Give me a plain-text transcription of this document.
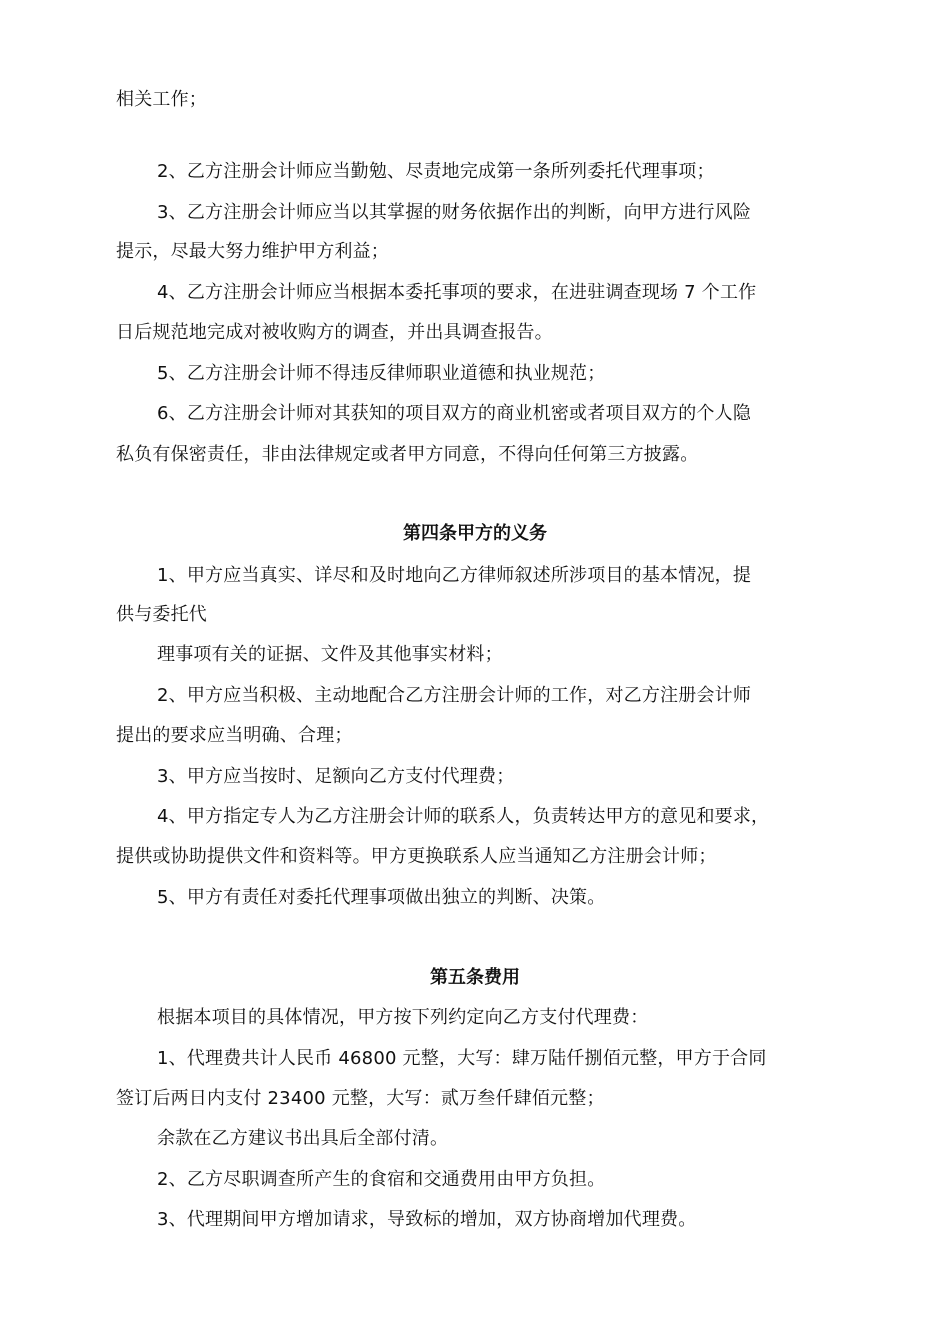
相关工作；
2、乙方注册会计师应当勤勉、尽责地完成第一条所列委托代理事项；
3、乙方注册会计师应当以其掌握的财务依据作出的判断，向甲方进行风险
提示，尽最大努力维护甲方利益；
4、乙方注册会计师应当根据本委托事项的要求，在进驻调查现场 7 个工作
日后规范地完成对被收购方的调查，并出具调查报告。
5、乙方注册会计师不得违反律师职业道德和执业规范；
6、乙方注册会计师对其获知的项目双方的商业机密或者项目双方的个人隐
私负有保密责任，非由法律规定或者甲方同意，不得向任何第三方披露。
第四条甲方的义务
1、甲方应当真实、详尽和及时地向乙方律师叙述所涉项目的基本情况，提
供与委托代
理事项有关的证据、文件及其他事实材料；
2、甲方应当积极、主动地配合乙方注册会计师的工作，对乙方注册会计师
提出的要求应当明确、合理；
3、甲方应当按时、足额向乙方支付代理费；
4、甲方指定专人为乙方注册会计师的联系人，负责转达甲方的意见和要求，
提供或协助提供文件和资料等。甲方更换联系人应当通知乙方注册会计师；
5、甲方有责任对委托代理事项做出独立的判断、决策。
第五条费用
根据本项目的具体情况，甲方按下列约定向乙方支付代理费：
1、代理费共计人民币 46800 元整，大写：肆万陆仟捌佰元整，甲方于合同
签订后两日内支付 23400 元整，大写：贰万叁仟肆佰元整；
余款在乙方建议书出具后全部付清。
2、乙方尽职调查所产生的食宿和交通费用由甲方负担。
3、代理期间甲方增加请求，导致标的增加，双方协商增加代理费。
